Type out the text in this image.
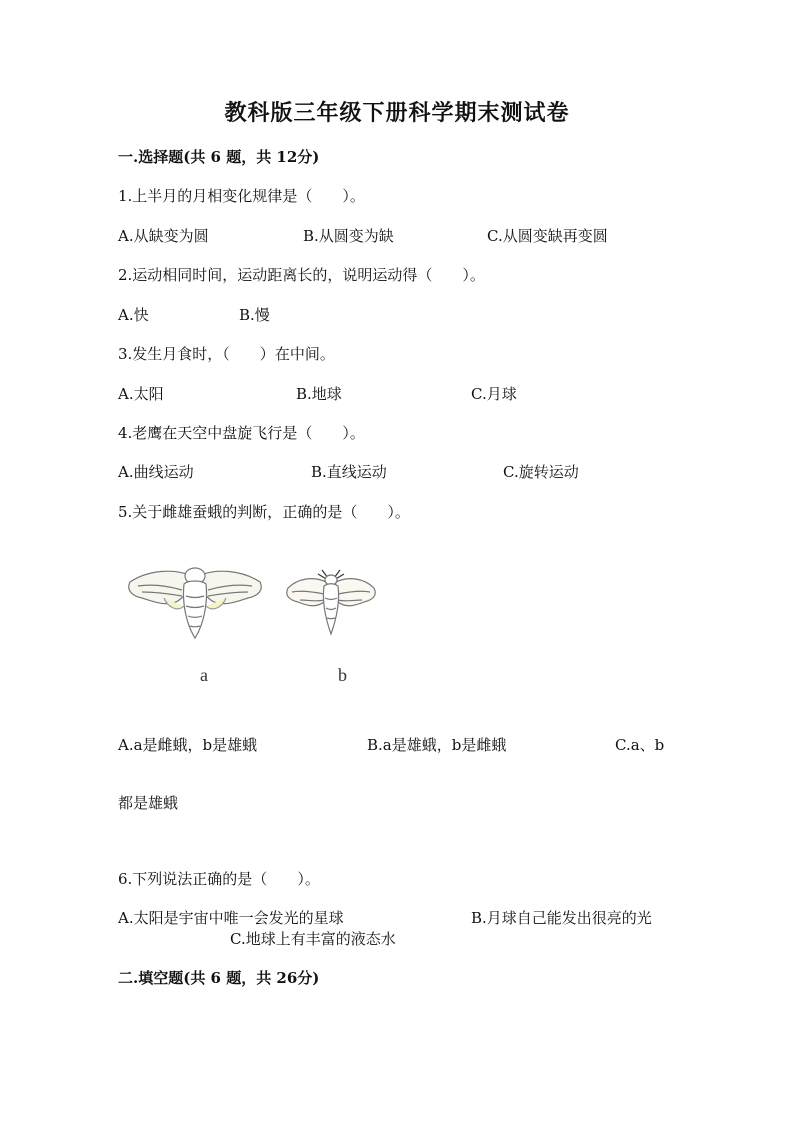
教科版三年级下册科学期末测试卷
一.选择题(共 6 题，共 12分)
1.上半月的月相变化规律是（　　）。
A.从缺变为圆	B.从圆变为缺	C.从圆变缺再变圆
2.运动相同时间，运动距离长的，说明运动得（　　）。
A.快	B.慢
3.发生月食时，（　　）在中间。
A.太阳	B.地球	C.月球
4.老鹰在天空中盘旋飞行是（　　）。
A.曲线运动	B.直线运动	C.旋转运动
5.关于雌雄蚕蛾的判断，正确的是（　　）。
a	b
A.a是雌蛾，b是雄蛾	B.a是雄蛾，b是雌蛾	C.a、b
都是雄蛾
6.下列说法正确的是（　　）。
A.太阳是宇宙中唯一会发光的星球	B.月球自己能发出很亮的光
C.地球上有丰富的液态水
二.填空题(共 6 题，共 26分)
